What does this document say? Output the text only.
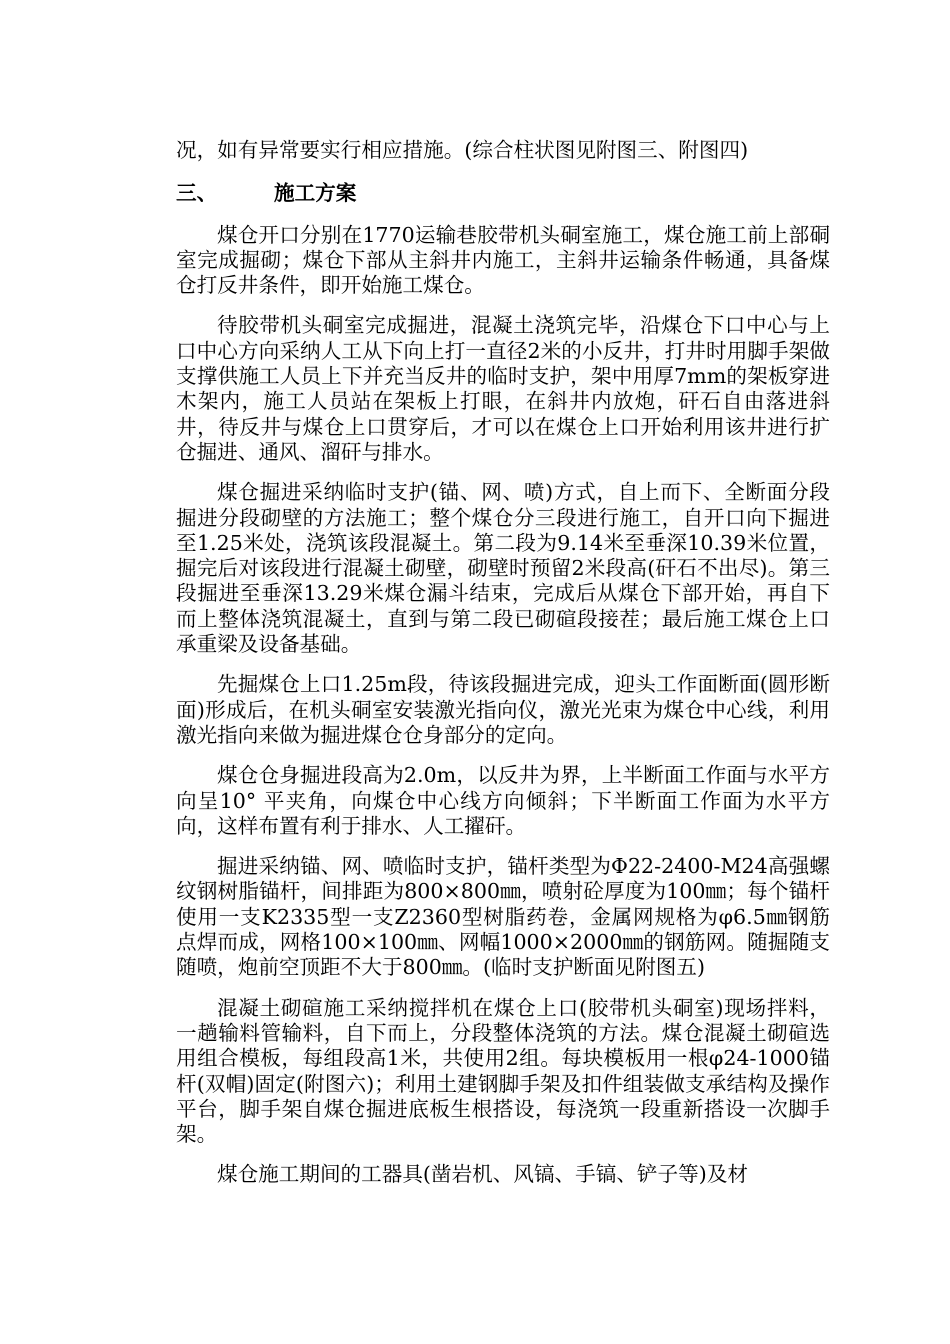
况，如有异常要实行相应措施。(综合柱状图见附图三、附图四)

三、	施工方案

煤仓开口分别在1770运输巷胶带机头硐室施工，煤仓施工前上部硐室完成掘砌；煤仓下部从主斜井内施工，主斜井运输条件畅通，具备煤仓打反井条件，即开始施工煤仓。

待胶带机头硐室完成掘进，混凝土浇筑完毕，沿煤仓下口中心与上口中心方向采纳人工从下向上打一直径2米的小反井，打井时用脚手架做支撑供施工人员上下并充当反井的临时支护，架中用厚7mm的架板穿进木架内，施工人员站在架板上打眼，在斜井内放炮，矸石自由落进斜井，待反井与煤仓上口贯穿后，才可以在煤仓上口开始利用该井进行扩仓掘进、通风、溜矸与排水。

煤仓掘进采纳临时支护(锚、网、喷)方式，自上而下、全断面分段掘进分段砌壁的方法施工；整个煤仓分三段进行施工，自开口向下掘进至1.25米处，浇筑该段混凝土。第二段为9.14米至垂深10.39米位置，掘完后对该段进行混凝土砌壁，砌壁时预留2米段高(矸石不出尽)。第三段掘进至垂深13.29米煤仓漏斗结束，完成后从煤仓下部开始，再自下而上整体浇筑混凝土，直到与第二段已砌碹段接茬；最后施工煤仓上口承重梁及设备基础。

先掘煤仓上口1.25m段，待该段掘进完成，迎头工作面断面(圆形断面)形成后，在机头硐室安装激光指向仪，激光光束为煤仓中心线，利用激光指向来做为掘进煤仓仓身部分的定向。

煤仓仓身掘进段高为2.0m，以反井为界，上半断面工作面与水平方向呈10° 平夹角，向煤仓中心线方向倾斜；下半断面工作面为水平方向，这样布置有利于排水、人工擢矸。

掘进采纳锚、网、喷临时支护，锚杆类型为Φ22-2400-M24高强螺纹钢树脂锚杆，间排距为800×800㎜，喷射砼厚度为100㎜；每个锚杆使用一支K2335型一支Z2360型树脂药卷，金属网规格为φ6.5㎜钢筋点焊而成，网格100×100㎜、网幅1000×2000㎜的钢筋网。随掘随支随喷，炮前空顶距不大于800㎜。(临时支护断面见附图五)

混凝土砌碹施工采纳搅拌机在煤仓上口(胶带机头硐室)现场拌料，一趟输料管输料，自下而上，分段整体浇筑的方法。煤仓混凝土砌碹选用组合模板，每组段高1米，共使用2组。每块模板用一根φ24-1000锚杆(双帽)固定(附图六)；利用土建钢脚手架及扣件组装做支承结构及操作平台，脚手架自煤仓掘进底板生根搭设，每浇筑一段重新搭设一次脚手架。

煤仓施工期间的工器具(凿岩机、风镐、手镐、铲子等)及材
